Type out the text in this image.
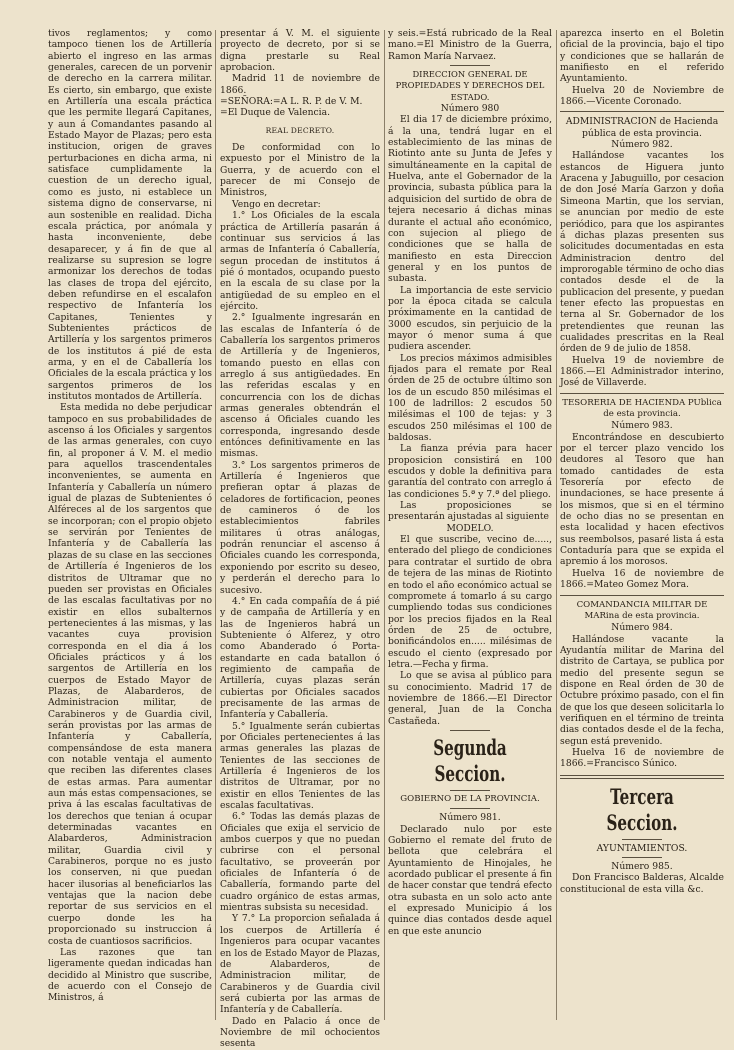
tivos reglamentos; y como tampoco tienen los de Artillería abierto el ingreso en las armas generales, carecen de un porvenir de derecho en la carrera militar. Es cierto, sin embargo, que existe en Artillería una escala práctica que les permite llegará Capitanes, y aun á Comandantes pasando al Estado Mayor de Plazas; pero esta institucion, origen de graves perturbaciones en dicha arma, ni satisface cumplidamente la cuestion de un derecho igual, como es justo, ni establece un sistema digno de conservarse, ni aun sostenible en realidad. Dicha escala práctica, por anómala y hasta inconveniente, debe desaparecer, y á fin de que al realizarse su supresion se logre armonizar los derechos de todas las clases de tropa del ejército, deben refundirse en el escalafon respectivo de Infantería los Capitanes, Tenientes y Subtenientes prácticos de Artillería y los sargentos primeros de los institutos á pié de esta arma, y en el de Caballería los Oficiales de la escala práctica y los sargentos primeros de los institutos montados de Artillería.

Esta medida no debe perjudicar tampoco en sus probabilidades de ascenso á los Oficiales y sargentos de las armas generales, con cuyo fin, al proponer á V. M. el medio para aquellos trascendentales inconvenientes, se aumenta en Infantería y Caballería un número igual de plazas de Subtenientes ó Alféreces al de los sargentos que se incorporan; con el propio objeto se servirán por Tenientes de Infantería y de Caballería las plazas de su clase en las secciones de Artillería é Ingenieros de los distritos de Ultramar que no pueden ser provistas en Oficiales de las escalas facultativas por no existir en ellos subalternos pertenecientes á las mismas, y las vacantes cuya provision corresponda en el dia á los Oficiales prácticos y á los sargentos de Artillería en los cuerpos de Estado Mayor de Plazas, de Alabarderos, de Administracion militar, de Carabineros y de Guardia civil, serán provistas por las armas de Infantería y Caballería, compensándose de esta manera con notable ventaja el aumento que reciben las diferentes clases de estas armas. Para aumentar aun más estas compensaciones, se priva á las escalas facultativas de los derechos que tenian á ocupar determinadas vacantes en Alabarderos, Administracion militar, Guardia civil y Carabineros, porque no es justo los conserven, ni que puedan hacer ilusorias al beneficiarlos las ventajas que la nacion debe reportar de sus servicios en el cuerpo donde les ha proporcionado su instruccion á costa de cuantiosos sacrificios.

Las razones que tan ligeramente quedan indicadas han decidido al Ministro que suscribe, de acuerdo con el Consejo de Ministros, á

presentar á V. M. el siguiente proyecto de decreto, por si se digna prestarle su Real aprobacion.

Madrid 11 de noviembre de 1866.

=SEÑORA:=A L. R. P. de V. M.

=El Duque de Valencia.

REAL DECRETO.

De conformidad con lo expuesto por el Ministro de la Guerra, y de acuerdo con el parecer de mi Consejo de Ministros,

Vengo en decretar:

1.° Los Oficiales de la escala práctica de Artillería pasarán á continuar sus servicios á las armas de Infantería ó Caballería, segun procedan de institutos á pié ó montados, ocupando puesto en la escala de su clase por la antigüedad de su empleo en el ejército.

2.° Igualmente ingresarán en las escalas de Infantería ó de Caballería los sargentos primeros de Artillería y de Ingenieros, tomando puesto en ellas con arreglo á sus antigüedades. En las referidas escalas y en concurrencia con los de dichas armas generales obtendrán el ascenso á Oficiales cuando les corresponda, ingresando desde entónces definitivamente en las mismas.

3.° Los sargentos primeros de Artillería é Ingenieros que prefieran optar á plazas de celadores de fortificacion, peones de camineros ó de los establecimientos fabriles militares ú otras análogas, podrán renunciar el ascenso á Oficiales cuando les corresponda, exponiendo por escrito su deseo, y perderán el derecho para lo sucesivo.

4.° En cada compañía de á pié y de campaña de Artillería y en las de Ingenieros habrá un Subteniente ó Alferez, y otro como Abanderado ó Porta-estandarte en cada batallon ó regimiento de campaña de Artillería, cuyas plazas serán cubiertas por Oficiales sacados precisamente de las armas de Infantería y Caballería.

5.° Igualmente serán cubiertas por Oficiales pertenecientes á las armas generales las plazas de Tenientes de las secciones de Artillería é Ingenieros de los distritos de Ultramar, por no existir en ellos Tenientes de las escalas facultativas.

6.° Todas las demás plazas de Oficiales que exija el servicio de ambos cuerpos y que no puedan cubrirse con el personal facultativo, se proveerán por oficiales de Infantería ó de Caballería, formando parte del cuadro orgánico de estas armas, mientras subsista su necesidad.

Y 7.° La proporcion señalada á los cuerpos de Artillería é Ingenieros para ocupar vacantes en los de Estado Mayor de Plazas, de Alabarderos, de Administracion militar, de Carabineros y de Guardia civil será cubierta por las armas de Infantería y de Caballería.

Dado en Palacio á once de Noviembre de mil ochocientos sesenta

y seis.=Está rubricado de la Real mano.=El Ministro de la Guerra, Ramon María Narvaez.

DIRECCION GENERAL DE PROPIEDADES Y DERECHOS DEL ESTADO.

Número 980

El dia 17 de diciembre próximo, á la una, tendrá lugar en el establecimiento de las minas de Riotinto ante su Junta de Jefes y simultáneamente en la capital de Huelva, ante el Gobernador de la provincia, subasta pública para la adquisicion del surtido de obra de tejera necesario á dichas minas durante el actual año económico, con sujecion al pliego de condiciones que se halla de manifiesto en esta Direccion general y en los puntos de subasta.

La importancia de este servicio por la época citada se calcula próximamente en la cantidad de 3000 escudos, sin perjuicio de la mayor ó menor suma á que pudiera ascender.

Los precios máximos admisibles fijados para el remate por Real órden de 25 de octubre último son los de un escudo 850 milésimas el 100 de ladrillos: 2 escudos 50 milésimas el 100 de tejas: y 3 escudos 250 milésimas el 100 de baldosas.

La fianza prévia para hacer proposicion consistirá en 100 escudos y doble la definitiva para garantía del contrato con arreglo á las condiciones 5.ª y 7.ª del pliego.

Las proposiciones se presentarán ajustadas al siguiente

MODELO.

El que suscribe, vecino de....., enterado del pliego de condiciones para contratar el surtido de obra de tejera de las minas de Riotinto en todo el año económico actual se compromete á tomarlo á su cargo cumpliendo todas sus condiciones por los precios fijados en la Real órden de 25 de octubre, bonificándolos en..... milésimas de escudo el ciento (expresado por letra.—Fecha y firma.

Lo que se avisa al público para su conocimiento. Madrid 17 de noviembre de 1866.—El Director general, Juan de la Concha Castañeda.

Segunda Seccion.

GOBIERNO DE LA PROVINCIA.

Número 981.

Declarado nulo por este Gobierno el remate del fruto de bellota que celebrára el Ayuntamiento de Hinojales, he acordado publicar el presente á fin de hacer constar que tendrá efecto otra subasta en un solo acto ante el expresado Municipio á los quince dias contados desde aquel en que este anuncio

aparezca inserto en el Boletin oficial de la provincia, bajo el tipo y condiciones que se hallarán de manifiesto en el referido Ayuntamiento.

Huelva 20 de Noviembre de 1866.—Vicente Coronado.

ADMINISTRACION de Hacienda pública de esta provincia.

Número 982.

Hallándose vacantes los estancos de Higuera junto Aracena y Jabuguillo, por cesacion de don José María Garzon y doña Simeona Martin, que los servian, se anuncian por medio de este periódico, para que los aspirantes á dichas plazas presenten sus solicitudes documentadas en esta Administracion dentro del improrogable término de ocho dias contados desde el de la publicacion del presente, y puedan tener efecto las propuestas en terna al Sr. Gobernador de los pretendientes que reunan las cualidades prescritas en la Real órden de 9 de julio de 1858.

Huelva 19 de noviembre de 1866.—El Administrador interino, José de Villaverde.

TESORERIA DE HACIENDA PUblica de esta provincia.

Número 983.

Encontrándose en descubierto por el tercer plazo vencido los deudores al Tesoro que han tomado cantidades de esta Tesorería por efecto de inundaciones, se hace presente á los mismos, que si en el término de ocho dias no se presentan en esta localidad y hacen efectivos sus reembolsos, pasaré lista á esta Contaduría para que se expida el apremio á los morosos.

Huelva 16 de noviembre de 1866.=Mateo Gomez Mora.

COMANDANCIA MILITAR DE MARina de esta provincia.

Número 984.

Hallándose vacante la Ayudantía militar de Marina del distrito de Cartaya, se publica por medio del presente segun se dispone en Real órden de 30 de Octubre próximo pasado, con el fin de que los que deseen solicitarla lo verifiquen en el término de treinta dias contados desde el de la fecha, segun está prevenido.

Huelva 16 de noviembre de 1866.=Francisco Súnico.

Tercera Seccion.

AYUNTAMIENTOS.

Número 985.

Don Francisco Balderas, Alcalde constitucional de esta villa &c.
